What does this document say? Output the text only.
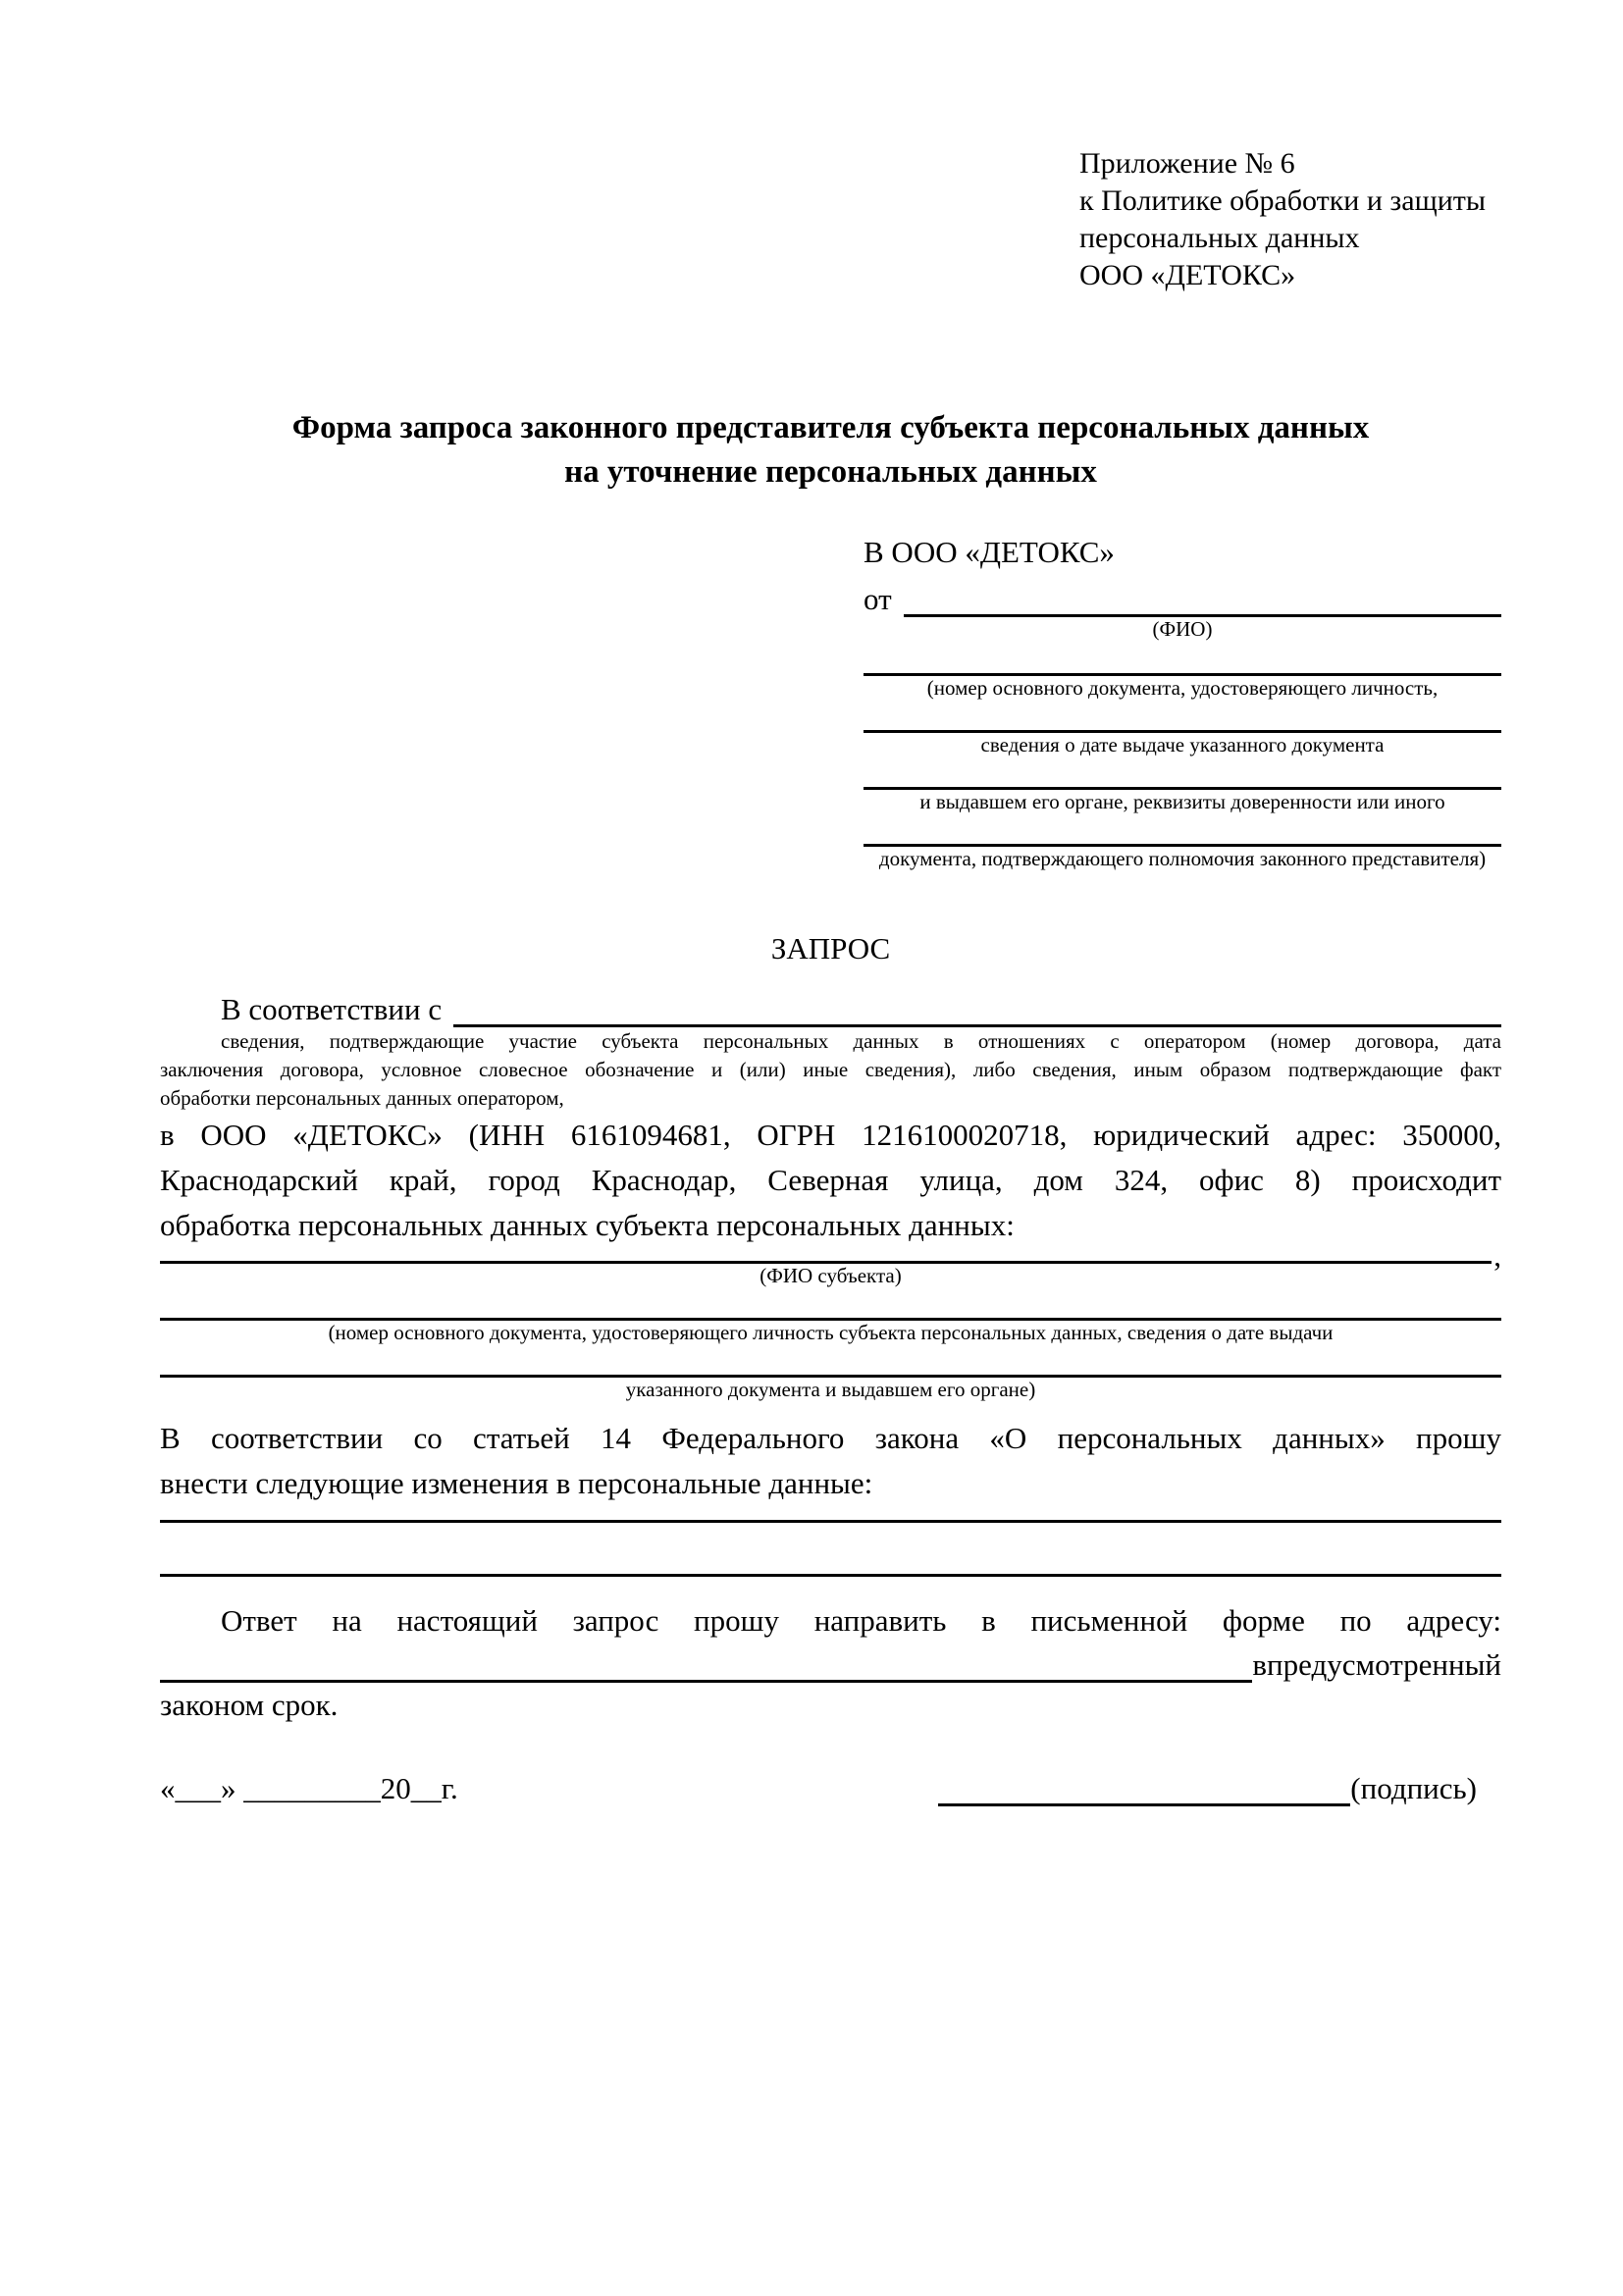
Приложение № 6
к Политике обработки и защиты
персональных данных
ООО «ДЕТОКС»
Форма запроса законного представителя субъекта персональных данных
на уточнение персональных данных
В ООО «ДЕТОКС»
от
(ФИО)
(номер основного документа, удостоверяющего личность,
сведения о дате выдаче указанного документа
и выдавшем его органе, реквизиты доверенности или иного
документа, подтверждающего полномочия законного представителя)
ЗАПРОС
В соответствии с
сведения, подтверждающие участие субъекта персональных данных в отношениях с оператором (номер договора, дата
заключения договора, условное словесное обозначение и (или) иные сведения), либо сведения, иным образом подтверждающие факт
обработки персональных данных оператором,
в ООО «ДЕТОКС» (ИНН 6161094681, ОГРН 1216100020718, юридический адрес: 350000,
Краснодарский край, город Краснодар, Северная улица, дом 324, офис 8) происходит
обработка персональных данных субъекта персональных данных:
,
(ФИО субъекта)
(номер основного документа, удостоверяющего личность субъекта персональных данных, сведения о дате выдачи
указанного документа и выдавшем его органе)
В соответствии со статьей 14 Федерального закона «О персональных данных» прошу
внести следующие изменения в персональные данные:
Ответ на настоящий запрос прошу направить в письменной форме по адресу:
в предусмотренный
законом срок.
«___» _________20__г.	(подпись)
